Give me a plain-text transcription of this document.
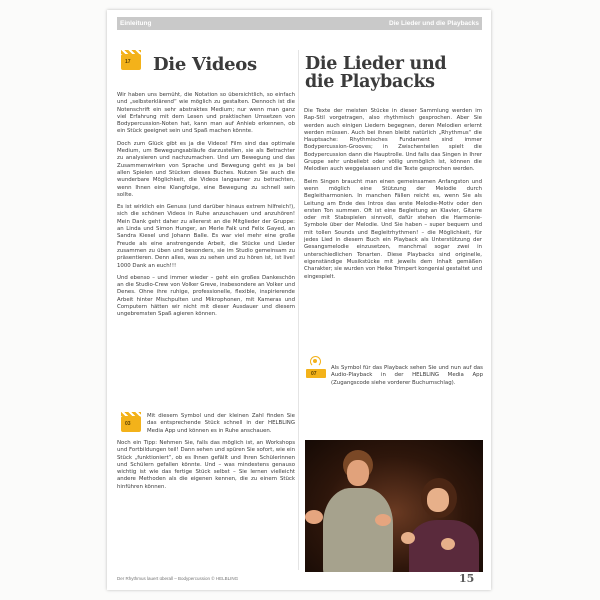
Einleitung	Die Lieder und die Playbacks
17 Die Videos

Wir haben uns bemüht, die Notation so übersichtlich, so einfach und „selbsterklärend“ wie möglich zu gestalten. Dennoch ist die Notenschrift ein sehr abstraktes Medium; nur wenn man ganz viel Erfahrung mit dem Lesen und praktischen Umsetzen von Bodypercussion-Noten hat, kann man auf Anhieb erkennen, ob ein Stück geeignet sein und Spaß machen könnte.

Doch zum Glück gibt es ja die Videos! Film sind das optimale Medium, um Bewegungsabläufe darzustellen, sie als Betrachter zu analysieren und nachzumachen. Und um Bewegung und das Zusammenwirken von Sprache und Bewegung geht es ja bei allen Spielen und Stücken dieses Buches. Nutzen Sie auch die wunderbare Möglichkeit, die Videos langsamer zu betrachten, wenn Ihnen eine Klangfolge, eine Bewegung zu schnell sein sollte.

Es ist wirklich ein Genuss (und darüber hinaus extrem hilfreich!), sich die schönen Videos in Ruhe anzuschauen und anzuhören! Mein Dank geht daher zu allererst an die Mitglieder der Gruppe: an Linda und Simon Hunger, an Merle Falk und Felix Gayed, an Sandra Kiesel und Johann Balle. Es war viel mehr eine große Freude als eine anstrengende Arbeit, die Stücke und Lieder zusammen zu üben und besonders, sie im Studio gemeinsam zu präsentieren. Denn alles, was zu sehen und zu hören ist, ist live! 1000 Dank an euch!!!

Und ebenso – und immer wieder – geht ein großes Dankeschön an die Studio-Crew von Volker Greve, insbesondere an Volker und Denes. Ohne ihre ruhige, professionelle, flexible, inspirierende Arbeit hinter Mischpulten und Mikrophonen, mit Kameras und Computern hätten wir nicht mit dieser Ausdauer und diesem ungebremsten Spaß agieren können.

03
Mit diesem Symbol und der kleinen Zahl finden Sie das entsprechende Stück schnell in der HELBLING Media App und können es in Ruhe anschauen.
Noch ein Tipp: Nehmen Sie, falls das möglich ist, an Workshops und Fortbildungen teil! Dann sehen und spüren Sie sofort, wie ein Stück „funktioniert“, ob es Ihnen gefällt und Ihren Schülerinnen und Schülern gefallen könnte. Und – was mindestens genauso wichtig ist wie das fertige Stück selbst – Sie lernen vielleicht andere Methoden als die eigenen kennen, die zu einem Stück hinführen können.
Die Lieder und
die Playbacks

Die Texte der meisten Stücke in dieser Sammlung werden im Rap-Stil vorgetragen, also rhythmisch gesprochen. Aber Sie werden auch einigen Liedern begegnen, deren Melodien erlernt werden müssen. Auch bei ihnen bleibt natürlich „Rhythmus“ die Hauptsache: Rhythmisches Fundament sind immer Bodypercussion-Grooves; in Zwischenteilen spielt die Bodypercussion dann die Hauptrolle. Und falls das Singen in Ihrer Gruppe sehr unbeliebt oder völlig unmöglich ist, können die Melodien auch weggelassen und die Texte gesprochen werden.

Beim Singen braucht man einen gemeinsamen Anfangston und wenn möglich eine Stützung der Melodie durch Begleitharmonien. In manchen Fällen reicht es, wenn Sie als Leitung am Ende des Intros das erste Melodie-Motiv oder den ersten Ton summen. Oft ist eine Begleitung an Klavier, Gitarre oder mit Stabspielen sinnvoll, dafür stehen die Harmonie-Symbole über der Melodie. Und Sie haben – super bequem und mit tollen Sounds und Begleitrhythmen! – die Möglichkeit, für jedes Lied in diesem Buch ein Playback als Unterstützung der Gesangsmelodie einzusetzen, manchmal sogar zwei in unterschiedlichen Tonarten. Diese Playbacks sind originelle, eigenständige Musikstücke mit jeweils dem Inhalt gemäßen Charakter; sie wurden von Heike Trimpert kongenial gestaltet und eingespielt.

07
Als Symbol für das Playback sehen Sie und nun auf das Audio-Playback in der HELBLING Media App (Zugangscode siehe vorderer Buchumschlag).
Der Rhythmus lauert überall – Bodypercussion © HELBLING	15
